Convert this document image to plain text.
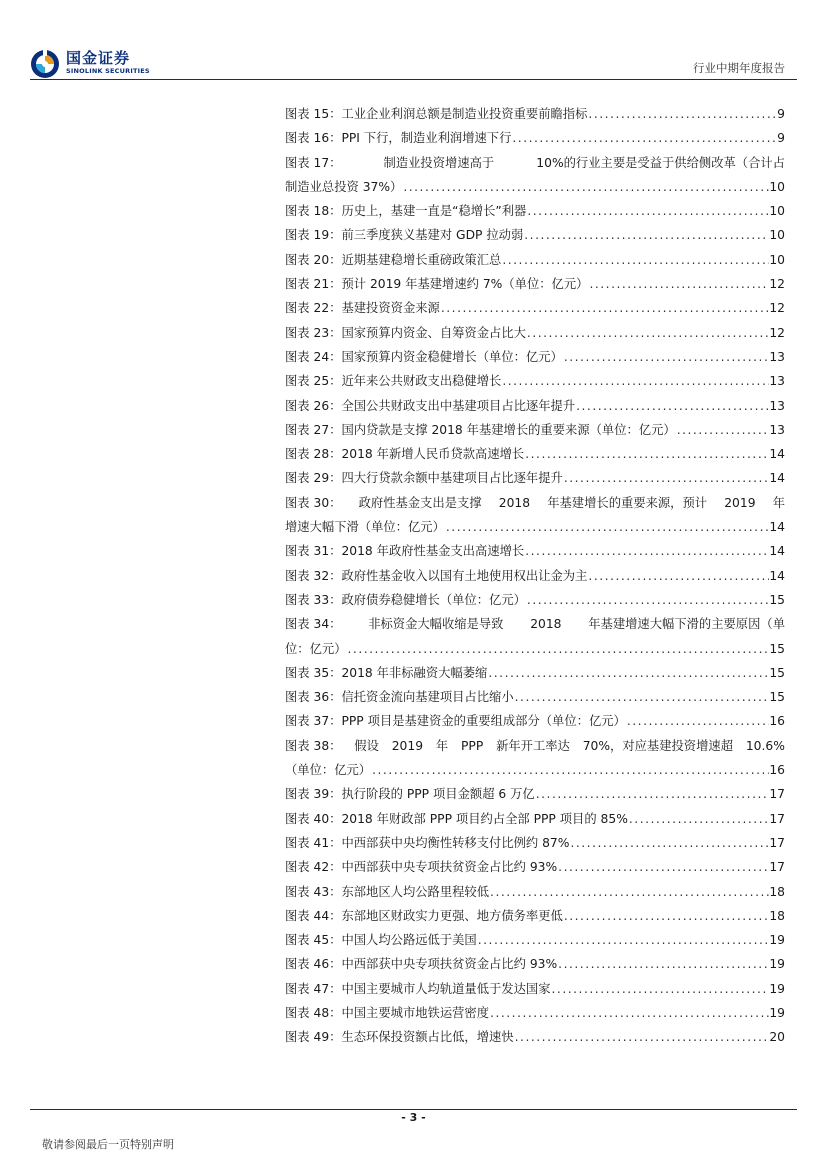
国金证券
SINOLINK SECURITIES	行业中期年度报告
图表 15： 工业企业利润总额是制造业投资重要前瞻指标 .....	9
图表 16： PPI 下行，制造业利润增速下行 .....	9
图表 17：	制造业投资增速高于	10%的行业主要是受益于供给侧改革（合计占
制造业总投资 37%） .....	10
图表 18： 历史上，基建一直是“稳增长”利器 .....	10
图表 19： 前三季度狭义基建对 GDP 拉动弱 .....	10
图表 20： 近期基建稳增长重磅政策汇总 .....	10
图表 21： 预计 2019 年基建增速约 7%（单位：亿元） .....	12
图表 22： 基建投资资金来源 .....	12
图表 23： 国家预算内资金、自筹资金占比大 .....	12
图表 24： 国家预算内资金稳健增长（单位：亿元） .....	13
图表 25： 近年来公共财政支出稳健增长 .....	13
图表 26： 全国公共财政支出中基建项目占比逐年提升 .....	13
图表 27： 国内贷款是支撑 2018 年基建增长的重要来源（单位：亿元） .....	13
图表 28： 2018 年新增人民币贷款高速增长 .....	14
图表 29： 四大行贷款余额中基建项目占比逐年提升 .....	14
图表 30： 政府性基金支出是支撑 2018 年基建增长的重要来源，预计 2019 年
增速大幅下滑（单位：亿元） .....	14
图表 31： 2018 年政府性基金支出高速增长 .....	14
图表 32： 政府性基金收入以国有土地使用权出让金为主 .....	14
图表 33： 政府债券稳健增长（单位：亿元） .....	15
图表 34： 非标资金大幅收缩是导致 2018 年基建增速大幅下滑的主要原因（单
位：亿元） .....	15
图表 35： 2018 年非标融资大幅萎缩 .....	15
图表 36： 信托资金流向基建项目占比缩小 .....	15
图表 37： PPP 项目是基建资金的重要组成部分（单位：亿元） .....	16
图表 38： 假设 2019 年 PPP 新年开工率达 70%，对应基建投资增速超 10.6%
（单位：亿元） .....	16
图表 39： 执行阶段的 PPP 项目金额超 6 万亿 .....	17
图表 40： 2018 年财政部 PPP 项目约占全部 PPP 项目的 85% .....	17
图表 41： 中西部获中央均衡性转移支付比例约 87% .....	17
图表 42： 中西部获中央专项扶贫资金占比约 93% .....	17
图表 43： 东部地区人均公路里程较低 .....	18
图表 44： 东部地区财政实力更强、地方债务率更低 .....	18
图表 45： 中国人均公路远低于美国 .....	19
图表 46： 中西部获中央专项扶贫资金占比约 93% .....	19
图表 47： 中国主要城市人均轨道量低于发达国家 .....	19
图表 48： 中国主要城市地铁运营密度 .....	19
图表 49： 生态环保投资额占比低，增速快 .....	20
- 3 -
敬请参阅最后一页特别声明
